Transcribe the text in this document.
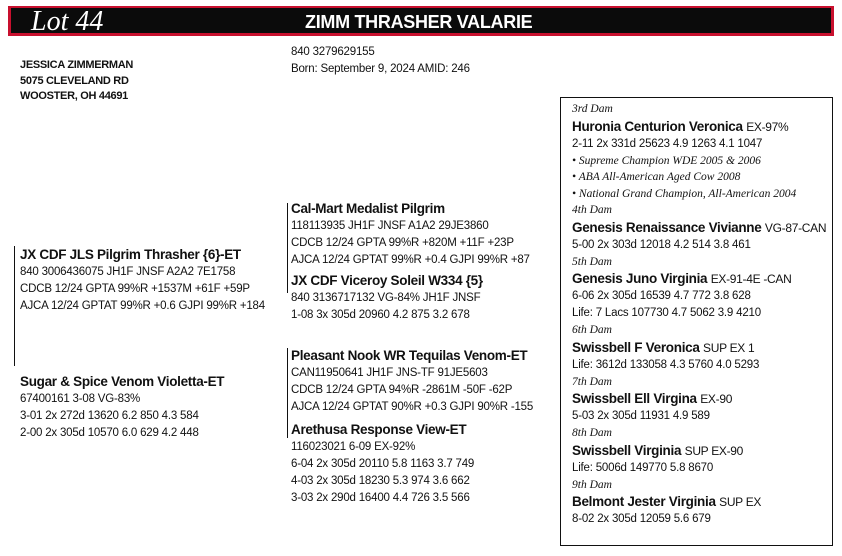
Lot 44	ZIMM THRASHER VALARIE
JESSICA ZIMMERMAN
5075 CLEVELAND RD
WOOSTER, OH 44691
840 3279629155
Born: September 9, 2024 AMID: 246
JX CDF JLS Pilgrim Thrasher {6}-ET
840 3006436075 JH1F JNSF A2A2 7E1758
CDCB 12/24 GPTA 99%R +1537M +61F +59P
AJCA 12/24 GPTAT 99%R +0.6 GJPI 99%R +184
Sugar & Spice Venom Violetta-ET
67400161 3-08 VG-83%
3-01 2x 272d 13620 6.2 850 4.3 584
2-00 2x 305d 10570 6.0 629 4.2 448
Cal-Mart Medalist Pilgrim
118113935 JH1F JNSF A1A2 29JE3860
CDCB 12/24 GPTA 99%R +820M +11F +23P
AJCA 12/24 GPTAT 99%R +0.4 GJPI 99%R +87
JX CDF Viceroy Soleil W334 {5}
840 3136717132 VG-84% JH1F JNSF
1-08 3x 305d 20960 4.2 875 3.2 678
Pleasant Nook WR Tequilas Venom-ET
CAN11950641 JH1F JNS-TF 91JE5603
CDCB 12/24 GPTA 94%R -2861M -50F -62P
AJCA 12/24 GPTAT 90%R +0.3 GJPI 90%R -155
Arethusa Response View-ET
116023021 6-09 EX-92%
6-04 2x 305d 20110 5.8 1163 3.7 749
4-03 2x 305d 18230 5.3 974 3.6 662
3-03 2x 290d 16400 4.4 726 3.5 566
3rd Dam
Huronia Centurion Veronica EX-97%
2-11 2x 331d 25623 4.9 1263 4.1 1047
• Supreme Champion WDE 2005 & 2006
• ABA All-American Aged Cow 2008
• National Grand Champion, All-American 2004
4th Dam
Genesis Renaissance Vivianne VG-87-CAN
5-00 2x 303d 12018 4.2 514 3.8 461
5th Dam
Genesis Juno Virginia EX-91-4E -CAN
6-06 2x 305d 16539 4.7 772 3.8 628
Life: 7 Lacs 107730 4.7 5062 3.9 4210
6th Dam
Swissbell F Veronica SUP EX 1
Life: 3612d 133058 4.3 5760 4.0 5293
7th Dam
Swissbell Ell Virgina EX-90
5-03 2x 305d 11931 4.9 589
8th Dam
Swissbell Virginia SUP EX-90
Life: 5006d 149770 5.8 8670
9th Dam
Belmont Jester Virginia SUP EX
8-02 2x 305d 12059 5.6 679
